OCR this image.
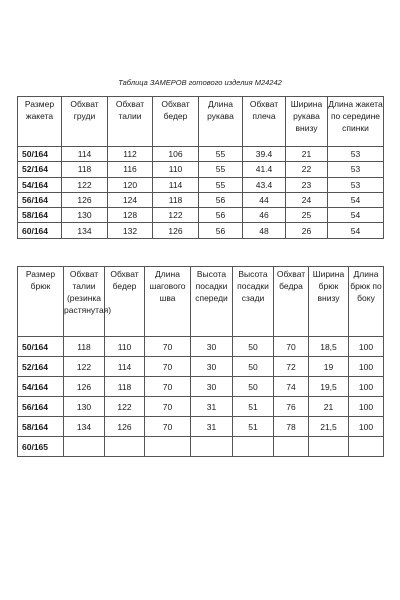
Таблица ЗАМЕРОВ готового изделия М24242
Размер жакета	Обхват груди	Обхват талии	Обхват бедер	Длина рукава	Обхват плеча	Ширина рукава внизу	Длина жакета по середине спинки
50/164	114	112	106	55	39.4	21	53
52/164	118	116	110	55	41.4	22	53
54/164	122	120	114	55	43.4	23	53
56/164	126	124	118	56	44	24	54
58/164	130	128	122	56	46	25	54
60/164	134	132	126	56	48	26	54
Размер брюк	Обхват талии (резинка растянутая)	Обхват бедер	Длина шагового шва	Высота посадки спереди	Высота посадки сзади	Обхват бедра	Ширина брюк внизу	Длина брюк по боку
50/164	118	110	70	30	50	70	18,5	100
52/164	122	114	70	30	50	72	19	100
54/164	126	118	70	30	50	74	19,5	100
56/164	130	122	70	31	51	76	21	100
58/164	134	126	70	31	51	78	21,5	100
60/165								
